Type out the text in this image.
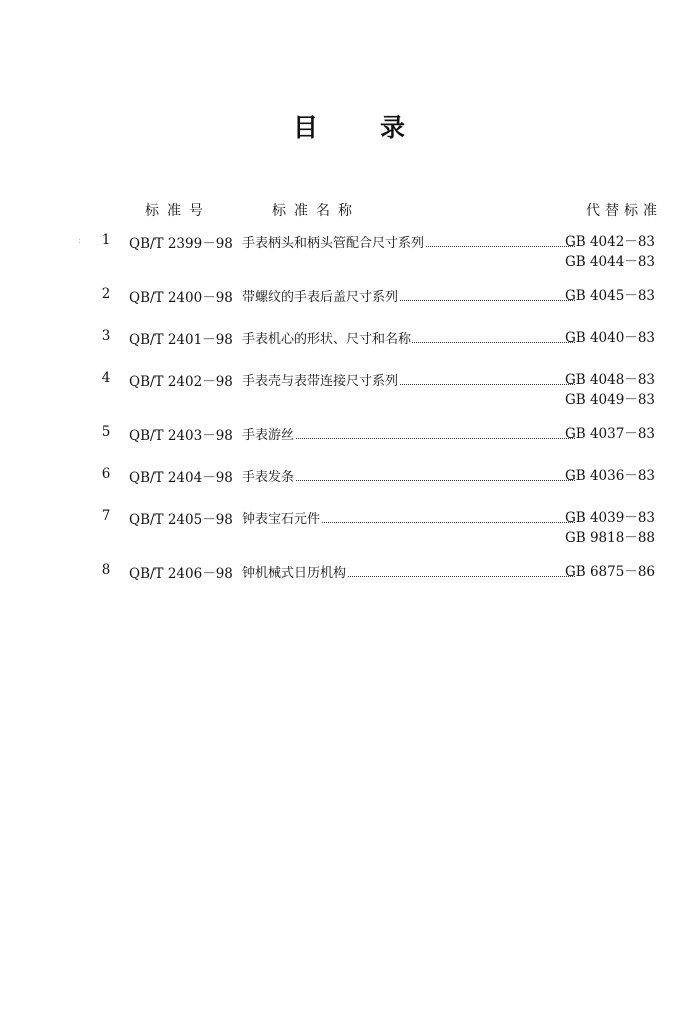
目 录
标准号	标准名称	代替标准
: 1 QB/T 2399－98 手表柄头和柄头管配合尺寸系列	GB 4042－83
GB 4044－83
2 QB/T 2400－98 带螺纹的手表后盖尺寸系列	GB 4045－83
3 QB/T 2401－98 手表机心的形状、尺寸和名称	GB 4040－83
4 QB/T 2402－98 手表壳与表带连接尺寸系列	GB 4048－83
GB 4049－83
5 QB/T 2403－98 手表游丝	GB 4037－83
6 QB/T 2404－98 手表发条	GB 4036－83
7 QB/T 2405－98 钟表宝石元件	GB 4039－83
GB 9818－88
8 QB/T 2406－98 钟机械式日历机构	GB 6875－86
